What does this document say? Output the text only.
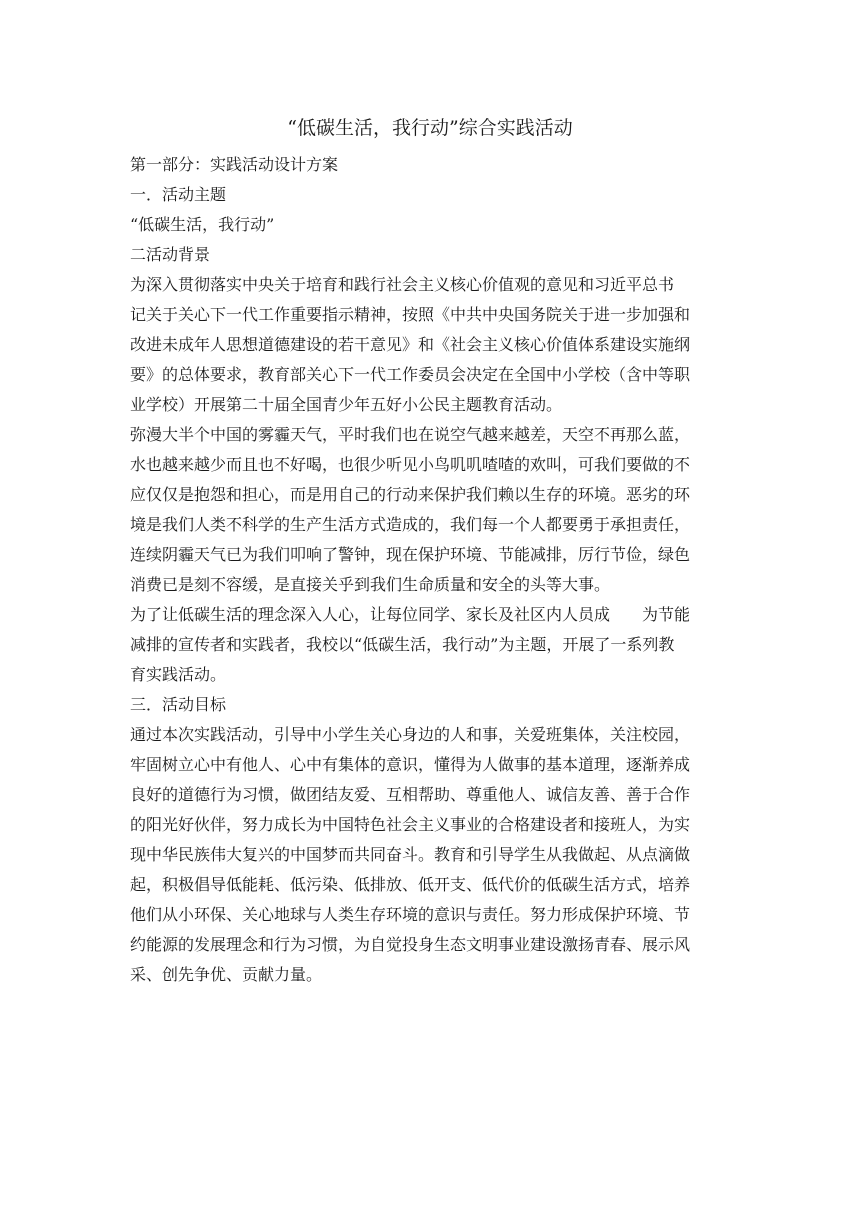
“低碳生活，我行动”综合实践活动

第一部分：实践活动设计方案

一．活动主题

“低碳生活，我行动”

二活动背景

为深入贯彻落实中央关于培育和践行社会主义核心价值观的意见和习近平总书

记关于关心下一代工作重要指示精神，按照《中共中央国务院关于进一步加强和

改进未成年人思想道德建设的若干意见》和《社会主义核心价值体系建设实施纲

要》的总体要求，教育部关心下一代工作委员会决定在全国中小学校（含中等职

业学校）开展第二十届全国青少年五好小公民主题教育活动。

弥漫大半个中国的雾霾天气，平时我们也在说空气越来越差，天空不再那么蓝，

水也越来越少而且也不好喝，也很少听见小鸟叽叽喳喳的欢叫，可我们要做的不

应仅仅是抱怨和担心，而是用自己的行动来保护我们赖以生存的环境。恶劣的环

境是我们人类不科学的生产生活方式造成的，我们每一个人都要勇于承担责任，

连续阴霾天气已为我们叩响了警钟，现在保护环境、节能减排，厉行节俭，绿色

消费已是刻不容缓，是直接关乎到我们生命质量和安全的头等大事。

为了让低碳生活的理念深入人心，让每位同学、家长及社区内人员成　　为节能

减排的宣传者和实践者，我校以“低碳生活，我行动”为主题，开展了一系列教

育实践活动。

三．活动目标

通过本次实践活动，引导中小学生关心身边的人和事，关爱班集体，关注校园，

牢固树立心中有他人、心中有集体的意识，懂得为人做事的基本道理，逐渐养成

良好的道德行为习惯，做团结友爱、互相帮助、尊重他人、诚信友善、善于合作

的阳光好伙伴，努力成长为中国特色社会主义事业的合格建设者和接班人，为实

现中华民族伟大复兴的中国梦而共同奋斗。教育和引导学生从我做起、从点滴做

起，积极倡导低能耗、低污染、低排放、低开支、低代价的低碳生活方式，培养

他们从小环保、关心地球与人类生存环境的意识与责任。努力形成保护环境、节

约能源的发展理念和行为习惯，为自觉投身生态文明事业建设激扬青春、展示风

采、创先争优、贡献力量。
